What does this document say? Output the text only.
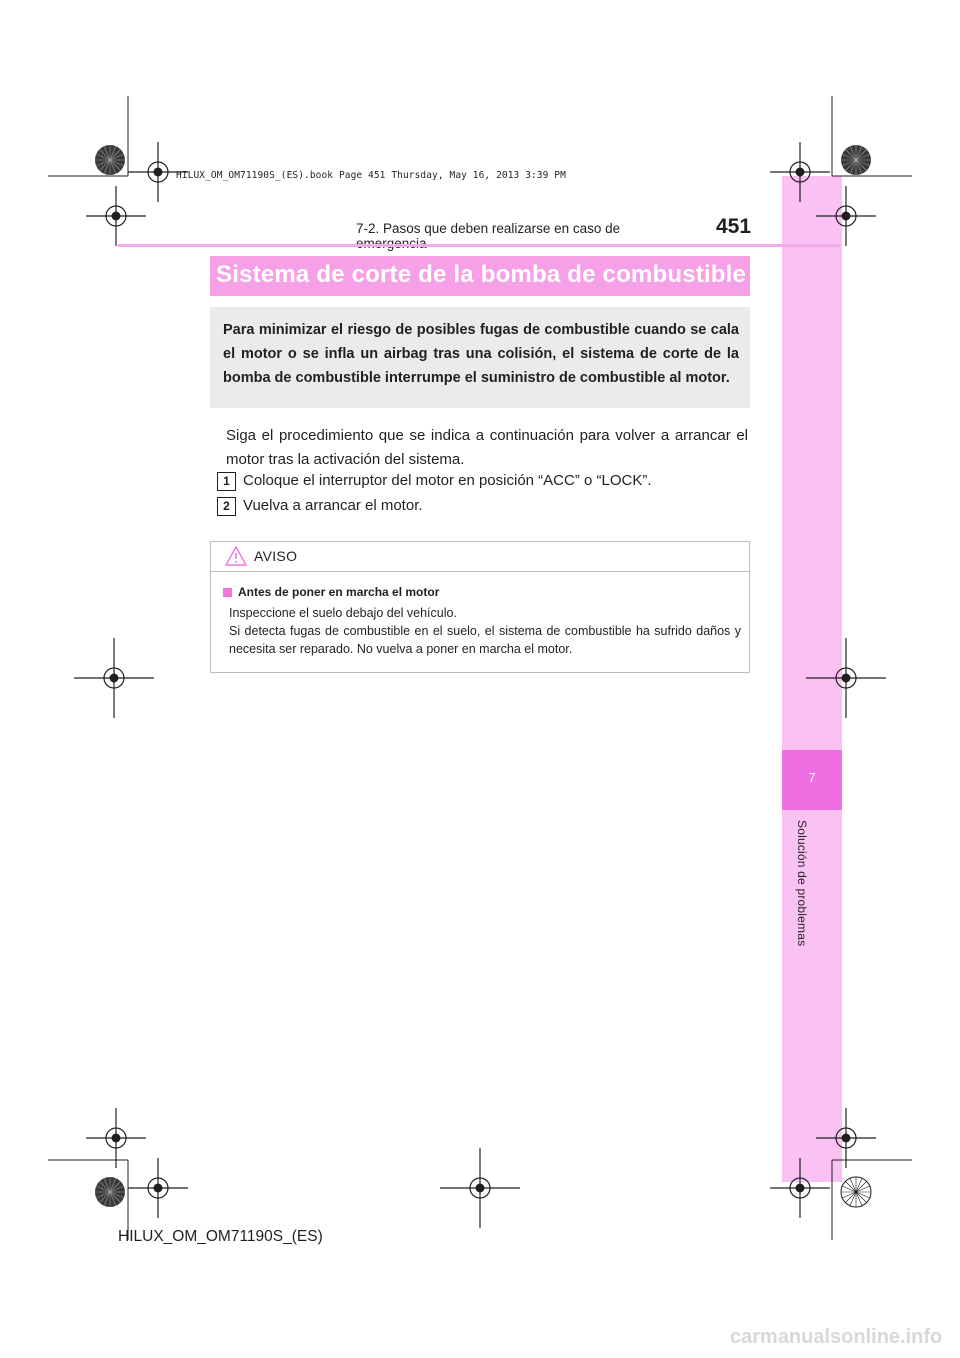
7
Solución de problemas
HILUX_OM_OM71190S_(ES).book Page 451 Thursday, May 16, 2013 3:39 PM
7-2. Pasos que deben realizarse en caso de	451
Sistema de corte de la bomba de combustible
Para minimizar el riesgo de posibles fugas de combustible cuando se cala el motor o se infla un airbag tras una colisión, el sistema de corte de la bomba de combustible interrumpe el suministro de combustible al motor.
Siga el procedimiento que se indica a continuación para volver a arrancar el motor tras la activación del sistema.
1 Coloque el interruptor del motor en posición “ACC” o “LOCK”.
2 Vuelva a arrancar el motor.
AVISO
Antes de poner en marcha el motor

Inspeccione el suelo debajo del vehículo.

Si detecta fugas de combustible en el suelo, el sistema de combustible ha sufrido daños y necesita ser reparado. No vuelva a poner en marcha el motor.

HILUX_OM_OM71190S_(ES)
carmanualsonline.info
